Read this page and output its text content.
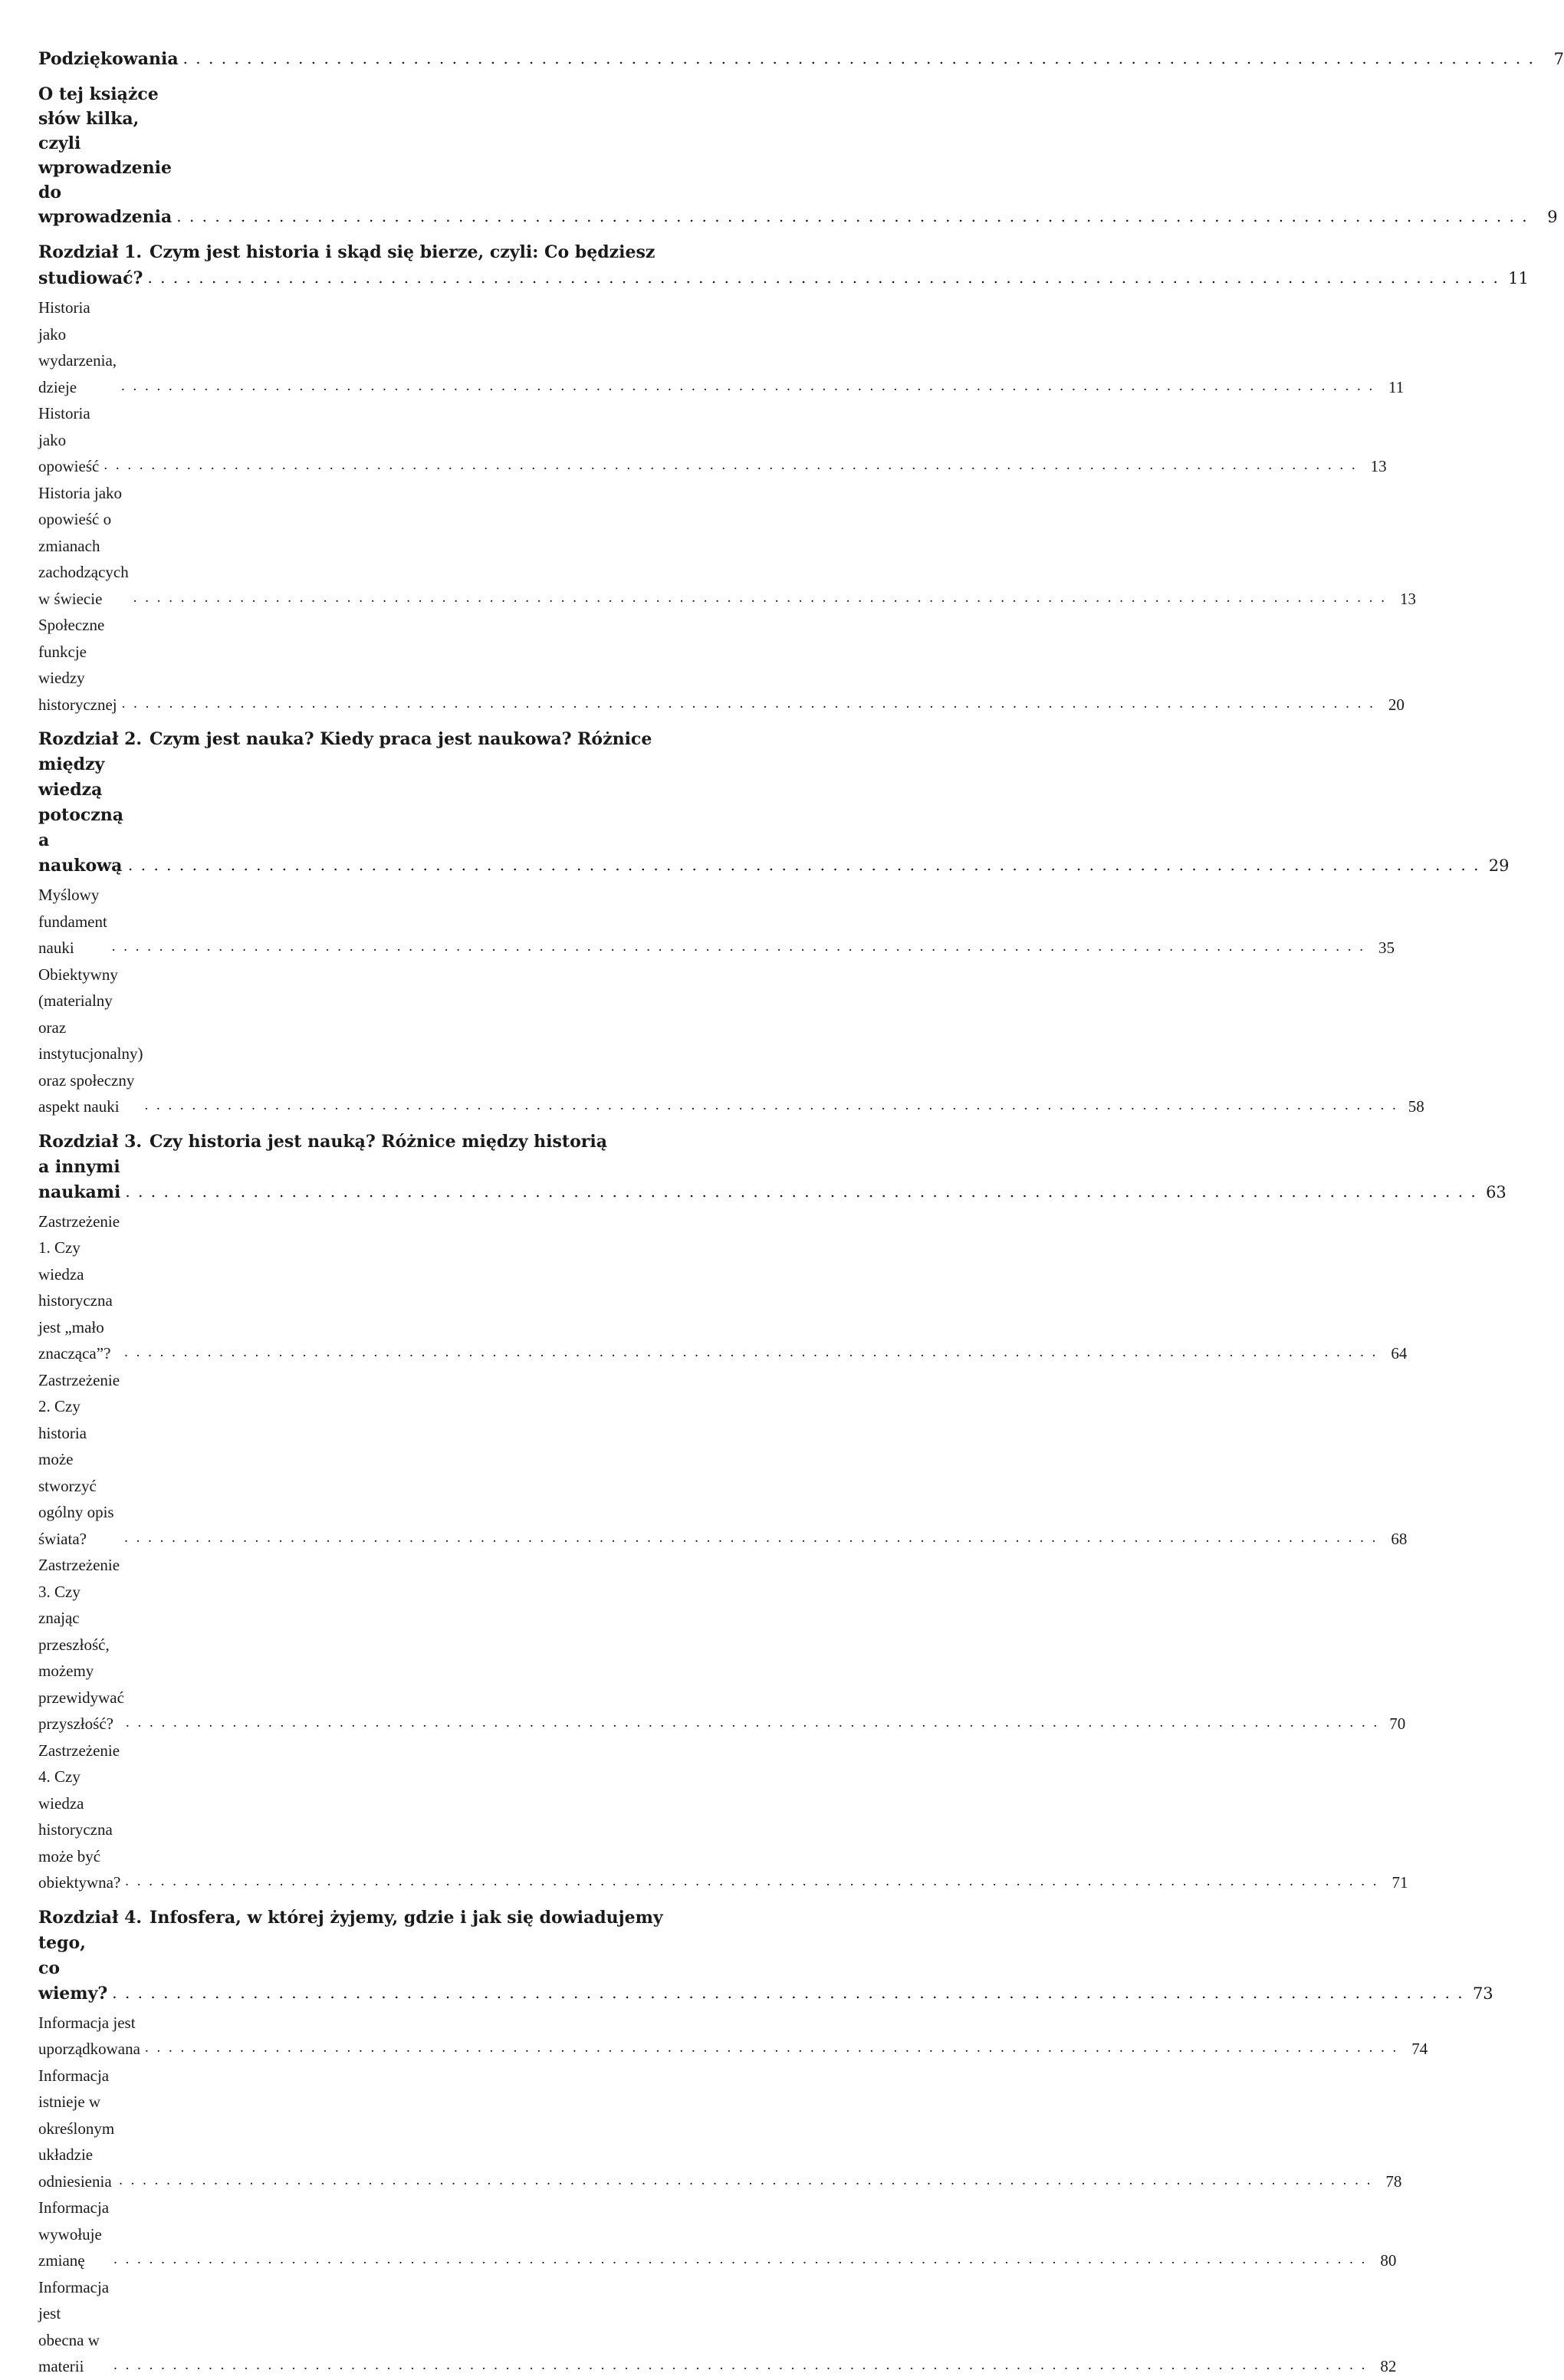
Podziękowania . . .	7
O tej książce słów kilka, czyli wprowadzenie do wprowadzenia . . .	9
Rozdział 1. Czym jest historia i skąd się bierze, czyli: Co będziesz
studiować? . . .	11
Historia jako wydarzenia, dzieje . . .	11
Historia jako opowieść . . .	13
Historia jako opowieść o zmianach zachodzących w świecie . . .	13
Społeczne funkcje wiedzy historycznej . . .	20
Rozdział 2. Czym jest nauka? Kiedy praca jest naukowa? Różnice
między wiedzą potoczną a naukową . . .	29
Myślowy fundament nauki . . .	35
Obiektywny (materialny oraz instytucjonalny) oraz społeczny aspekt nauki . . .	58
Rozdział 3. Czy historia jest nauką? Różnice między historią
a innymi naukami . . .	63
Zastrzeżenie 1. Czy wiedza historyczna jest „mało znacząca”? . . .	64
Zastrzeżenie 2. Czy historia może stworzyć ogólny opis świata? . . .	68
Zastrzeżenie 3. Czy znając przeszłość, możemy przewidywać przyszłość? . . .	70
Zastrzeżenie 4. Czy wiedza historyczna może być obiektywna? . . .	71
Rozdział 4. Infosfera, w której żyjemy, gdzie i jak się dowiadujemy
tego, co wiemy? . . .	73
Informacja jest uporządkowana . . .	74
Informacja istnieje w określonym układzie odniesienia . . .	78
Informacja wywołuje zmianę . . .	80
Informacja jest obecna w materii . . .	82
